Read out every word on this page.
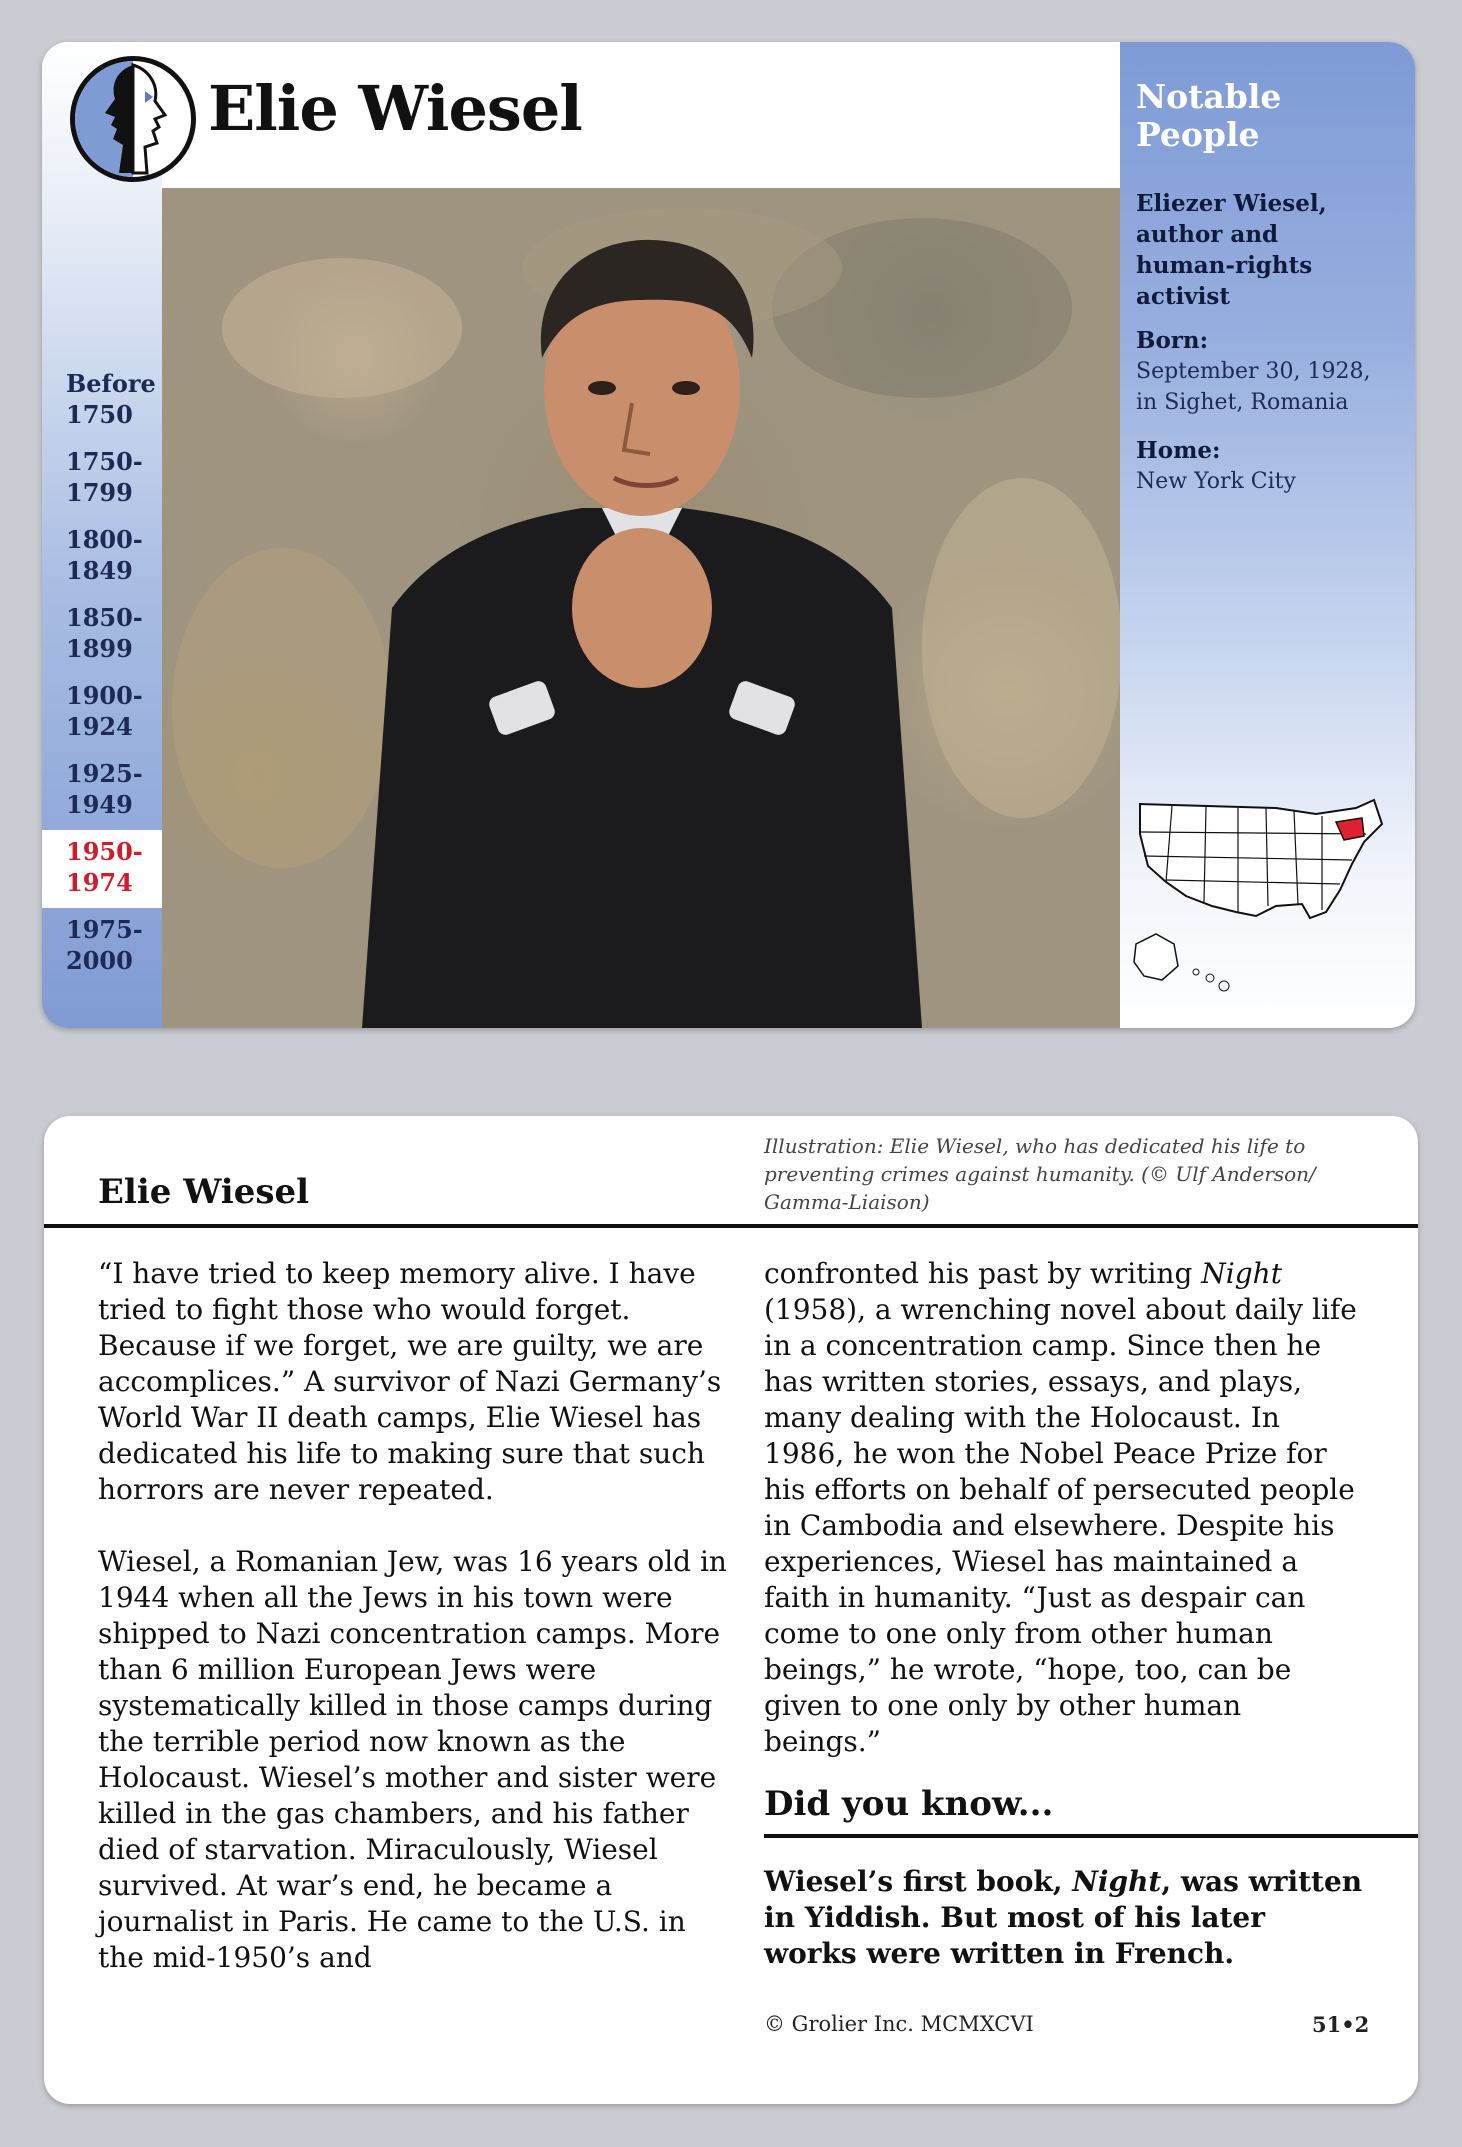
Before
1750
1750-
1799
1800-
1849
1850-
1899
1900-
1924
1925-
1949
1950-
1974
1975-
2000
Elie Wiesel	Notable
People
Eliezer Wiesel, author and human-rights activist
Born:
September 30, 1928, in Sighet, Romania
Home:
New York City
Elie Wiesel
Illustration: Elie Wiesel, who has dedicated his life to preventing crimes against humanity. (© Ulf Anderson/ Gamma-Liaison)

“I have tried to keep memory alive. I have tried to fight those who would forget. Because if we forget, we are guilty, we are accomplices.” A survivor of Nazi Germany’s World War II death camps, Elie Wiesel has dedicated his life to making sure that such horrors are never repeated.

Wiesel, a Romanian Jew, was 16 years old in 1944 when all the Jews in his town were shipped to Nazi concentration camps. More than 6 million European Jews were systematically killed in those camps during the terrible period now known as the Holocaust. Wiesel’s mother and sister were killed in the gas chambers, and his father died of starvation. Miraculously, Wiesel survived. At war’s end, he became a journalist in Paris. He came to the U.S. in the mid-1950’s and

confronted his past by writing Night (1958), a wrenching novel about daily life in a concentration camp. Since then he has written stories, essays, and plays, many dealing with the Holocaust. In 1986, he won the Nobel Peace Prize for his efforts on behalf of persecuted people in Cambodia and elsewhere. Despite his experiences, Wiesel has maintained a faith in humanity. “Just as despair can come to one only from other human beings,” he wrote, “hope, too, can be given to one only by other human beings.”

Did you know...
Wiesel’s first book, Night, was written in Yiddish. But most of his later works were written in French.
© Grolier Inc. MCMXCVI	51•2
